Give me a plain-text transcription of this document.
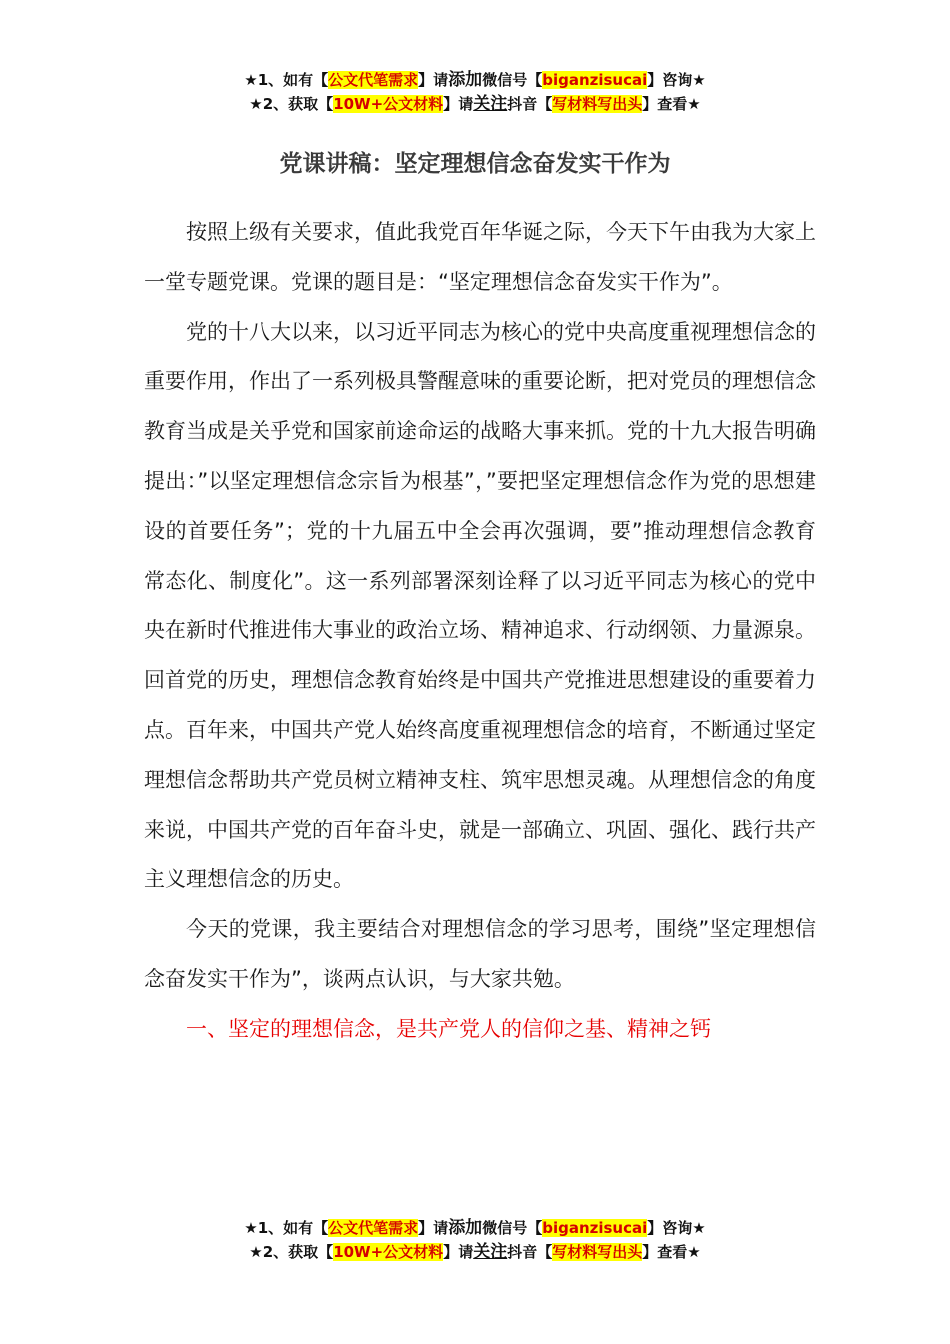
★1、如有【公文代笔需求】请添加微信号【biganzisucai】咨询★
★2、获取【10W+公文材料】请关注抖音【写材料写出头】查看★
党课讲稿：坚定理想信念奋发实干作为

按照上级有关要求，值此我党百年华诞之际，今天下午由我为大家上一堂专题党课。党课的题目是：“坚定理想信念奋发实干作为”。

党的十八大以来，以习近平同志为核心的党中央高度重视理想信念的重要作用，作出了一系列极具警醒意味的重要论断，把对党员的理想信念教育当成是关乎党和国家前途命运的战略大事来抓。党的十九大报告明确提出：”以坚定理想信念宗旨为根基”，”要把坚定理想信念作为党的思想建设的首要任务”；党的十九届五中全会再次强调，要”推动理想信念教育常态化、制度化”。这一系列部署深刻诠释了以习近平同志为核心的党中央在新时代推进伟大事业的政治立场、精神追求、行动纲领、力量源泉。回首党的历史，理想信念教育始终是中国共产党推进思想建设的重要着力点。百年来，中国共产党人始终高度重视理想信念的培育，不断通过坚定理想信念帮助共产党员树立精神支柱、筑牢思想灵魂。从理想信念的角度来说，中国共产党的百年奋斗史，就是一部确立、巩固、强化、践行共产主义理想信念的历史。

今天的党课，我主要结合对理想信念的学习思考，围绕”坚定理想信念奋发实干作为”，谈两点认识，与大家共勉。

一、坚定的理想信念，是共产党人的信仰之基、精神之钙

★1、如有【公文代笔需求】请添加微信号【biganzisucai】咨询★
★2、获取【10W+公文材料】请关注抖音【写材料写出头】查看★
